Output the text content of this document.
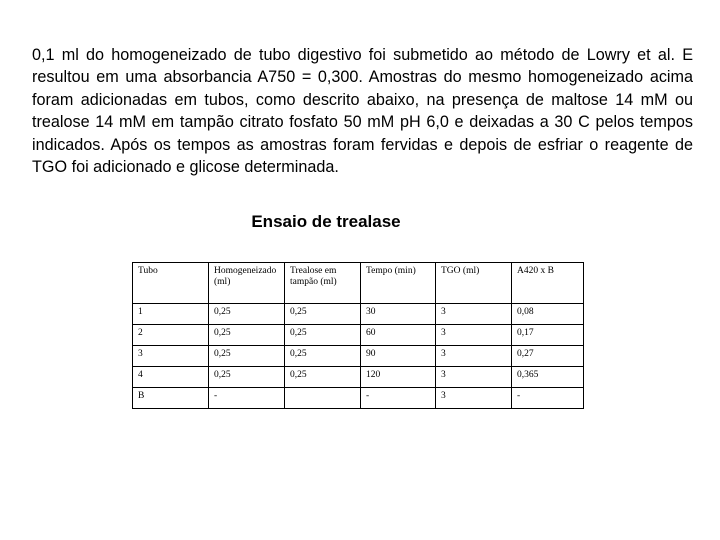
0,1 ml do homogeneizado de tubo digestivo foi submetido ao método de Lowry et al. E resultou em uma absorbancia A750 = 0,300. Amostras do mesmo homogeneizado acima foram adicionadas em tubos, como descrito abaixo, na presença de maltose 14 mM ou trealose 14 mM em tampão citrato fosfato 50 mM pH 6,0 e deixadas a 30 C pelos tempos indicados. Após os tempos as amostras foram fervidas e depois de esfriar o reagente de TGO foi adicionado e glicose determinada.

Ensaio de trealase

Tubo	Homogeneizado (ml)	Trealose em tampão (ml)	Tempo (min)	TGO (ml)	A420 x B
1	0,25	0,25	30	3	0,08
2	0,25	0,25	60	3	0,17
3	0,25	0,25	90	3	0,27
4	0,25	0,25	120	3	0,365
B	-		-	3	-
